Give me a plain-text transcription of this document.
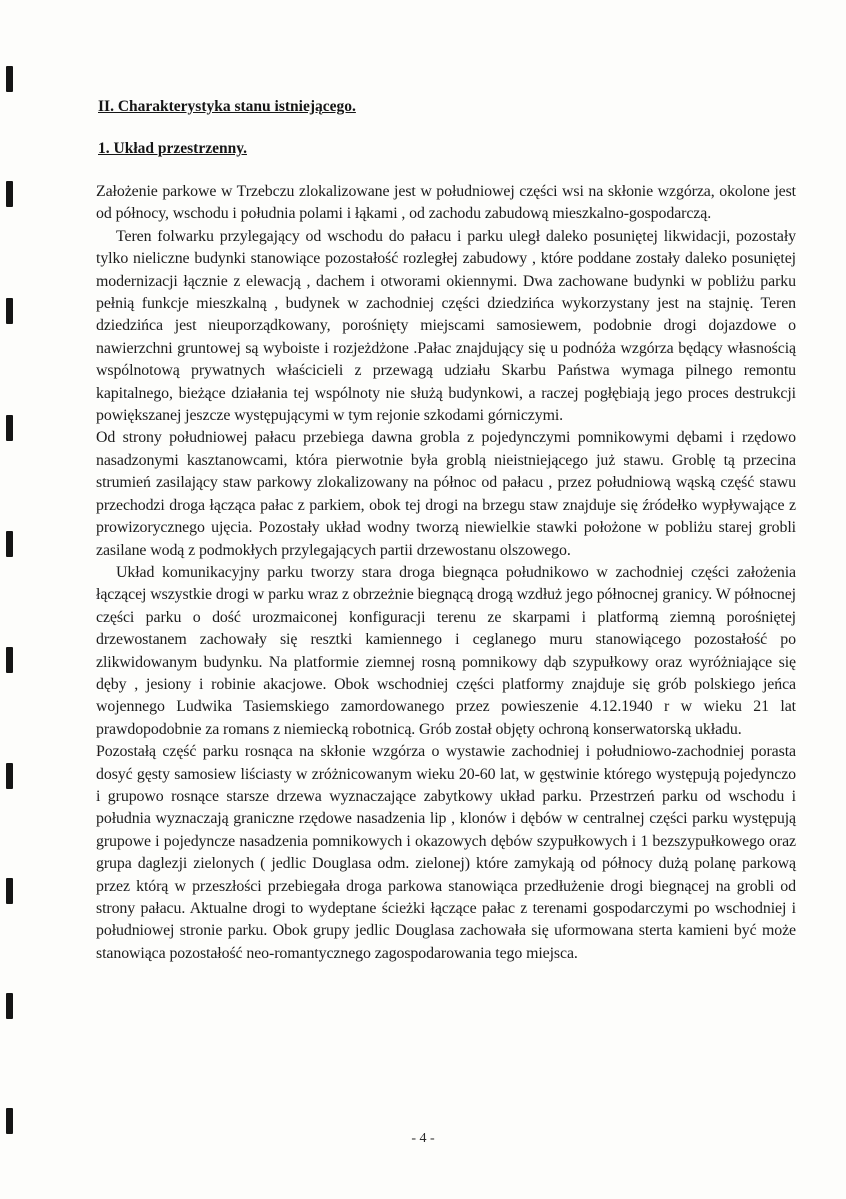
II. Charakterystyka stanu istniejącego.
1. Układ przestrzenny.

Założenie parkowe w Trzebczu zlokalizowane jest w południowej części wsi na skłonie wzgórza, okolone jest od północy, wschodu i południa polami i łąkami , od zachodu zabudową mieszkalno-gospodarczą.

Teren folwarku przylegający od wschodu do pałacu i parku uległ daleko posuniętej likwidacji, pozostały tylko nieliczne budynki stanowiące pozostałość rozległej zabudowy , które poddane zostały daleko posuniętej modernizacji łącznie z elewacją , dachem i otworami okiennymi. Dwa zachowane budynki w pobliżu parku pełnią funkcje mieszkalną , budynek w zachodniej części dziedzińca wykorzystany jest na stajnię. Teren dziedzińca jest nieuporządkowany, porośnięty miejscami samosiewem, podobnie drogi dojazdowe o nawierzchni gruntowej są wyboiste i rozjeżdżone .Pałac znajdujący się u podnóża wzgórza będący własnością wspólnotową prywatnych właścicieli z przewagą udziału Skarbu Państwa wymaga pilnego remontu kapitalnego, bieżące działania tej wspólnoty nie służą budynkowi, a raczej pogłębiają jego proces destrukcji powiększanej jeszcze występującymi w tym rejonie szkodami górniczymi.

Od strony południowej pałacu przebiega dawna grobla z pojedynczymi pomnikowymi dębami i rzędowo nasadzonymi kasztanowcami, która pierwotnie była groblą nieistniejącego już stawu. Groblę tą przecina strumień zasilający staw parkowy zlokalizowany na północ od pałacu , przez południową wąską część stawu przechodzi droga łącząca pałac z parkiem, obok tej drogi na brzegu staw znajduje się źródełko wypływające z prowizorycznego ujęcia. Pozostały układ wodny tworzą niewielkie stawki położone w pobliżu starej grobli zasilane wodą z podmokłych przylegających partii drzewostanu olszowego.

Układ komunikacyjny parku tworzy stara droga biegnąca południkowo w zachodniej części założenia łączącej wszystkie drogi w parku wraz z obrzeżnie biegnącą drogą wzdłuż jego północnej granicy. W północnej części parku o dość urozmaiconej konfiguracji terenu ze skarpami i platformą ziemną porośniętej drzewostanem zachowały się resztki kamiennego i ceglanego muru stanowiącego pozostałość po zlikwidowanym budynku. Na platformie ziemnej rosną pomnikowy dąb szypułkowy oraz wyróżniające się dęby , jesiony i robinie akacjowe. Obok wschodniej części platformy znajduje się grób polskiego jeńca wojennego Ludwika Tasiemskiego zamordowanego przez powieszenie 4.12.1940 r w wieku 21 lat prawdopodobnie za romans z niemiecką robotnicą. Grób został objęty ochroną konserwatorską układu.

Pozostałą część parku rosnąca na skłonie wzgórza o wystawie zachodniej i południowo-zachodniej porasta dosyć gęsty samosiew liściasty w zróżnicowanym wieku 20-60 lat, w gęstwinie którego występują pojedynczo i grupowo rosnące starsze drzewa wyznaczające zabytkowy układ parku. Przestrzeń parku od wschodu i południa wyznaczają graniczne rzędowe nasadzenia lip , klonów i dębów w centralnej części parku występują grupowe i pojedyncze nasadzenia pomnikowych i okazowych dębów szypułkowych i 1 bezszypułkowego oraz grupa daglezji zielonych ( jedlic Douglasa odm. zielonej) które zamykają od północy dużą polanę parkową przez którą w przeszłości przebiegała droga parkowa stanowiąca przedłużenie drogi biegnącej na grobli od strony pałacu. Aktualne drogi to wydeptane ścieżki łączące pałac z terenami gospodarczymi po wschodniej i południowej stronie parku. Obok grupy jedlic Douglasa zachowała się uformowana sterta kamieni być może stanowiąca pozostałość neo-romantycznego zagospodarowania tego miejsca.

- 4 -
